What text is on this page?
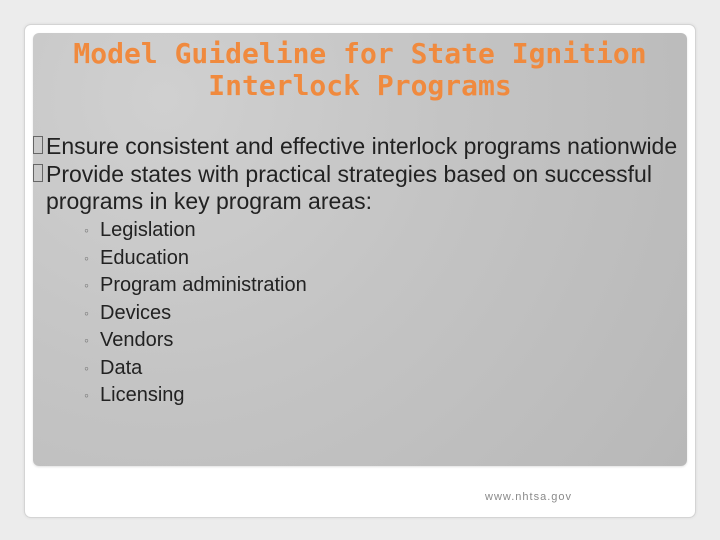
Model Guideline for State Ignition
Interlock Programs
Ensure consistent and effective interlock programs nationwide
Provide states with practical strategies based on successful programs in key program areas:
◦ Legislation
◦ Education
◦ Program administration
◦ Devices
◦ Vendors
◦ Data
◦ Licensing

www.nhtsa.gov
